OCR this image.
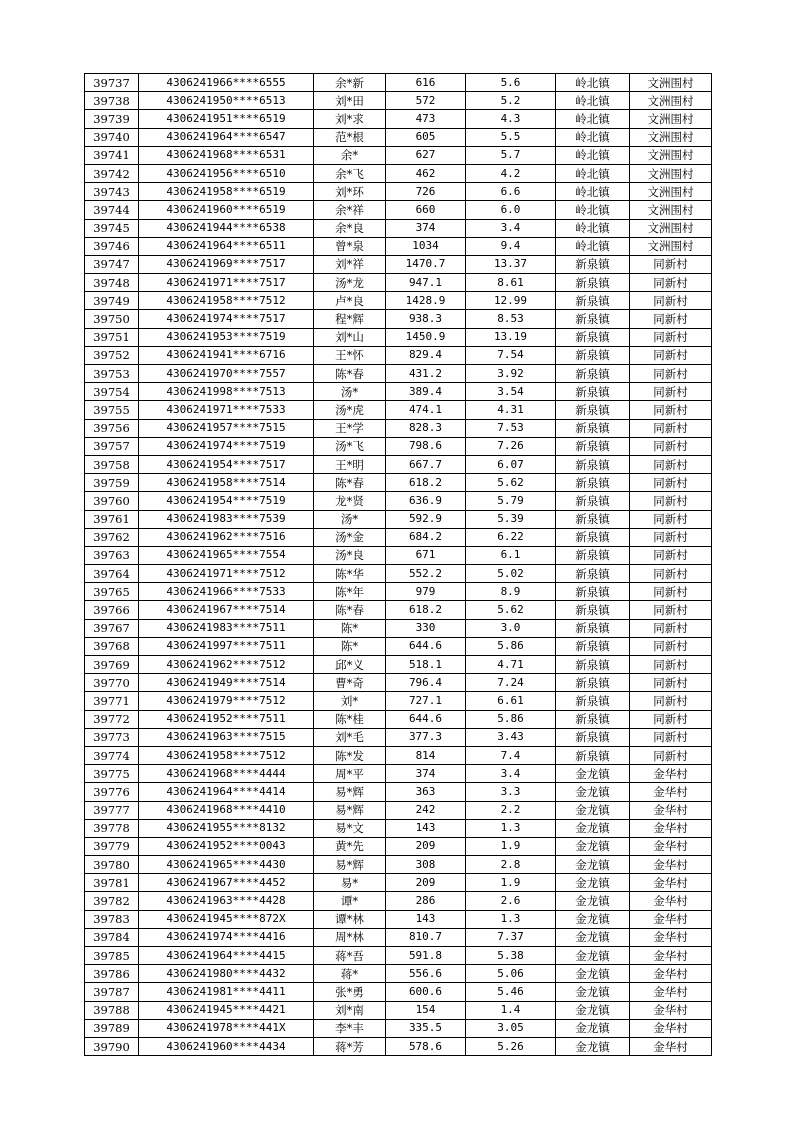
39737	4306241966****6555	余*新	616	5.6	岭北镇	文洲围村
39738	4306241950****6513	刘*田	572	5.2	岭北镇	文洲围村
39739	4306241951****6519	刘*求	473	4.3	岭北镇	文洲围村
39740	4306241964****6547	范*根	605	5.5	岭北镇	文洲围村
39741	4306241968****6531	余*	627	5.7	岭北镇	文洲围村
39742	4306241956****6510	余*飞	462	4.2	岭北镇	文洲围村
39743	4306241958****6519	刘*环	726	6.6	岭北镇	文洲围村
39744	4306241960****6519	余*祥	660	6.0	岭北镇	文洲围村
39745	4306241944****6538	余*良	374	3.4	岭北镇	文洲围村
39746	4306241964****6511	曾*泉	1034	9.4	岭北镇	文洲围村
39747	4306241969****7517	刘*祥	1470.7	13.37	新泉镇	同新村
39748	4306241971****7517	汤*龙	947.1	8.61	新泉镇	同新村
39749	4306241958****7512	卢*良	1428.9	12.99	新泉镇	同新村
39750	4306241974****7517	程*辉	938.3	8.53	新泉镇	同新村
39751	4306241953****7519	刘*山	1450.9	13.19	新泉镇	同新村
39752	4306241941****6716	王*怀	829.4	7.54	新泉镇	同新村
39753	4306241970****7557	陈*春	431.2	3.92	新泉镇	同新村
39754	4306241998****7513	汤*	389.4	3.54	新泉镇	同新村
39755	4306241971****7533	汤*虎	474.1	4.31	新泉镇	同新村
39756	4306241957****7515	王*学	828.3	7.53	新泉镇	同新村
39757	4306241974****7519	汤*飞	798.6	7.26	新泉镇	同新村
39758	4306241954****7517	王*明	667.7	6.07	新泉镇	同新村
39759	4306241958****7514	陈*春	618.2	5.62	新泉镇	同新村
39760	4306241954****7519	龙*贤	636.9	5.79	新泉镇	同新村
39761	4306241983****7539	汤*	592.9	5.39	新泉镇	同新村
39762	4306241962****7516	汤*金	684.2	6.22	新泉镇	同新村
39763	4306241965****7554	汤*良	671	6.1	新泉镇	同新村
39764	4306241971****7512	陈*华	552.2	5.02	新泉镇	同新村
39765	4306241966****7533	陈*年	979	8.9	新泉镇	同新村
39766	4306241967****7514	陈*春	618.2	5.62	新泉镇	同新村
39767	4306241983****7511	陈*	330	3.0	新泉镇	同新村
39768	4306241997****7511	陈*	644.6	5.86	新泉镇	同新村
39769	4306241962****7512	邱*义	518.1	4.71	新泉镇	同新村
39770	4306241949****7514	曹*奇	796.4	7.24	新泉镇	同新村
39771	4306241979****7512	刘*	727.1	6.61	新泉镇	同新村
39772	4306241952****7511	陈*桂	644.6	5.86	新泉镇	同新村
39773	4306241963****7515	刘*毛	377.3	3.43	新泉镇	同新村
39774	4306241958****7512	陈*发	814	7.4	新泉镇	同新村
39775	4306241968****4444	周*平	374	3.4	金龙镇	金华村
39776	4306241964****4414	易*辉	363	3.3	金龙镇	金华村
39777	4306241968****4410	易*辉	242	2.2	金龙镇	金华村
39778	4306241955****8132	易*文	143	1.3	金龙镇	金华村
39779	4306241952****0043	黄*先	209	1.9	金龙镇	金华村
39780	4306241965****4430	易*辉	308	2.8	金龙镇	金华村
39781	4306241967****4452	易*	209	1.9	金龙镇	金华村
39782	4306241963****4428	谭*	286	2.6	金龙镇	金华村
39783	4306241945****872X	谭*林	143	1.3	金龙镇	金华村
39784	4306241974****4416	周*林	810.7	7.37	金龙镇	金华村
39785	4306241964****4415	蒋*吾	591.8	5.38	金龙镇	金华村
39786	4306241980****4432	蒋*	556.6	5.06	金龙镇	金华村
39787	4306241981****4411	张*勇	600.6	5.46	金龙镇	金华村
39788	4306241945****4421	刘*南	154	1.4	金龙镇	金华村
39789	4306241978****441X	李*丰	335.5	3.05	金龙镇	金华村
39790	4306241960****4434	蒋*芳	578.6	5.26	金龙镇	金华村
